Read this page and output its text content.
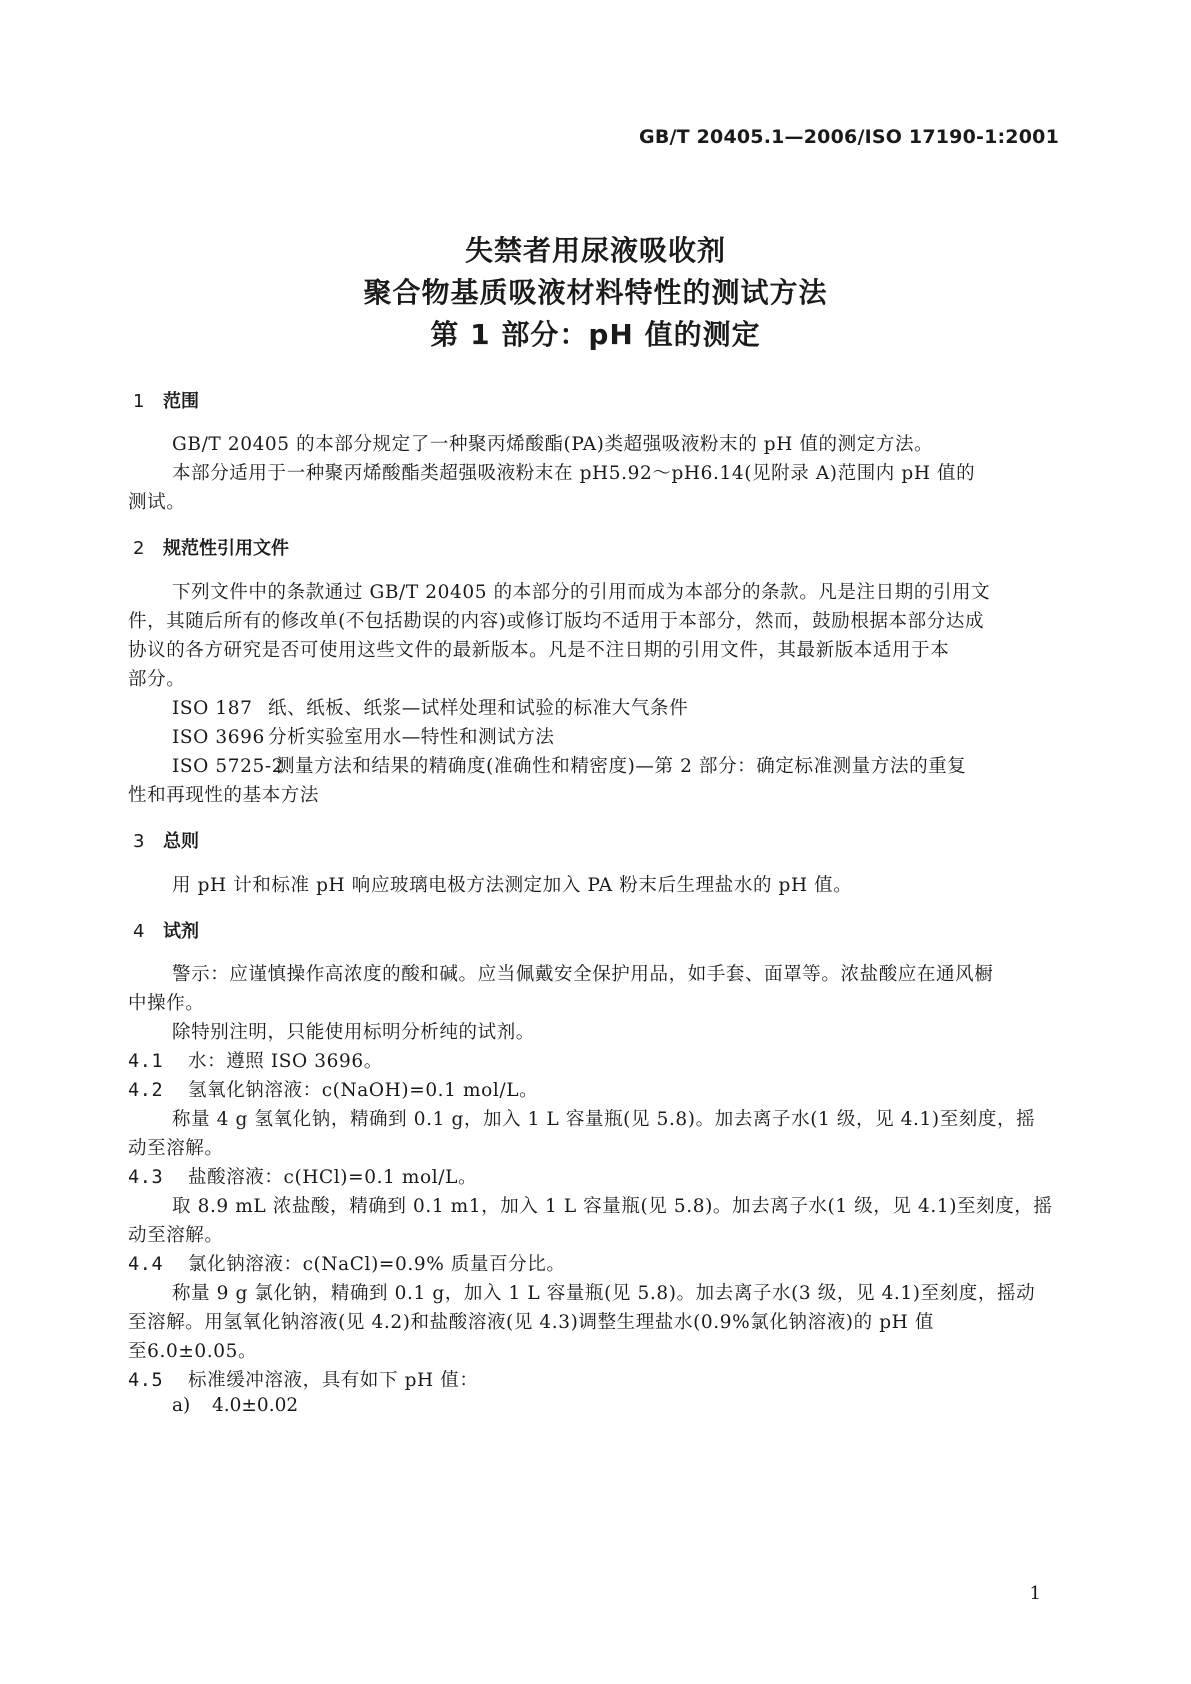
GB/T 20405.1—2006/ISO 17190-1:2001
失禁者用尿液吸收剂
聚合物基质吸液材料特性的测试方法
第 1 部分：pH 值的测定
1 范围
GB/T 20405 的本部分规定了一种聚丙烯酸酯(PA)类超强吸液粉末的 pH 值的测定方法。
本部分适用于一种聚丙烯酸酯类超强吸液粉末在 pH5.92～pH6.14(见附录 A)范围内 pH 值的
测试。
2 规范性引用文件
下列文件中的条款通过 GB/T 20405 的本部分的引用而成为本部分的条款。凡是注日期的引用文
件，其随后所有的修改单(不包括勘误的内容)或修订版均不适用于本部分，然而，鼓励根据本部分达成
协议的各方研究是否可使用这些文件的最新版本。凡是不注日期的引用文件，其最新版本适用于本
部分。
ISO 187 纸、纸板、纸浆—试样处理和试验的标准大气条件
ISO 3696 分析实验室用水—特性和测试方法
ISO 5725-2测量方法和结果的精确度(准确性和精密度)—第 2 部分：确定标准测量方法的重复
性和再现性的基本方法
3 总则
用 pH 计和标准 pH 响应玻璃电极方法测定加入 PA 粉末后生理盐水的 pH 值。
4 试剂
警示：应谨慎操作高浓度的酸和碱。应当佩戴安全保护用品，如手套、面罩等。浓盐酸应在通风橱
中操作。
除特别注明，只能使用标明分析纯的试剂。
4.1 水：遵照 ISO 3696。
4.2 氢氧化钠溶液：c(NaOH)=0.1 mol/L。
称量 4 g 氢氧化钠，精确到 0.1 g，加入 1 L 容量瓶(见 5.8)。加去离子水(1 级，见 4.1)至刻度，摇
动至溶解。
4.3 盐酸溶液：c(HCl)=0.1 mol/L。
取 8.9 mL 浓盐酸，精确到 0.1 m1，加入 1 L 容量瓶(见 5.8)。加去离子水(1 级，见 4.1)至刻度，摇
动至溶解。
4.4 氯化钠溶液：c(NaCl)=0.9% 质量百分比。
称量 9 g 氯化钠，精确到 0.1 g，加入 1 L 容量瓶(见 5.8)。加去离子水(3 级，见 4.1)至刻度，摇动
至溶解。用氢氧化钠溶液(见 4.2)和盐酸溶液(见 4.3)调整生理盐水(0.9%氯化钠溶液)的 pH 值
至6.0±0.05。
4.5 标准缓冲溶液，具有如下 pH 值：
a) 4.0±0.02
1
